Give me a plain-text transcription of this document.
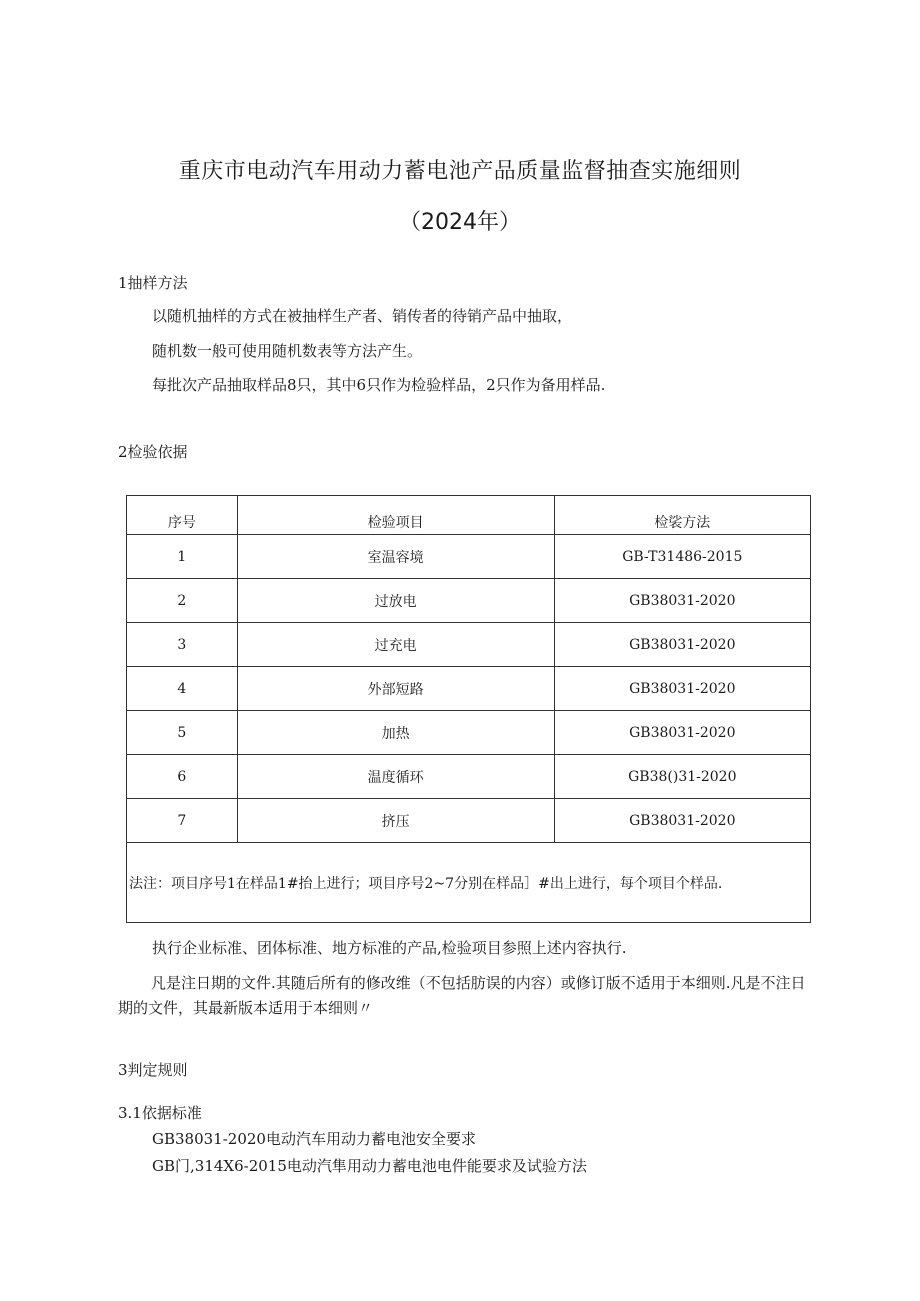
重庆市电动汽车用动力蓄电池产品质量监督抽查实施细则
（2024年）
1抽样方法
以随机抽样的方式在被抽样生产者、销传者的待销产品中抽取，
随机数一般可使用随机数表等方法产生。
每批次产品抽取样品8只，其中6只作为检验样品，2只作为备用样品.
2检验依据
序号	检验项目	检裟方法
1	室温容境	GB-T31486-2015
2	过放电	GB38031-2020
3	过充电	GB38031-2020
4	外部短路	GB38031-2020
5	加热	GB38031-2020
6	温度循环	GB38()31-2020
7	挤压	GB38031-2020
法注：项目序号1在样品1#抬上进行；项目序号2~7分别在样品］#出上进行，每个项目个样品.		
执行企业标准、团体标准、地方标准的产品,检验项目参照上述内容执行.
凡是注日期的文件.其随后所有的修改维（不包括肪误的内容）或修订版不适用于本细则.凡是不注日期的文件，其最新版本适用于本细则〃
3判定规则
3.1依据标准
GB38031-2020电动汽车用动力蓄电池安全要求
GB门,314X6-2015电动汽隼用动力蓄电池电件能要求及试验方法
